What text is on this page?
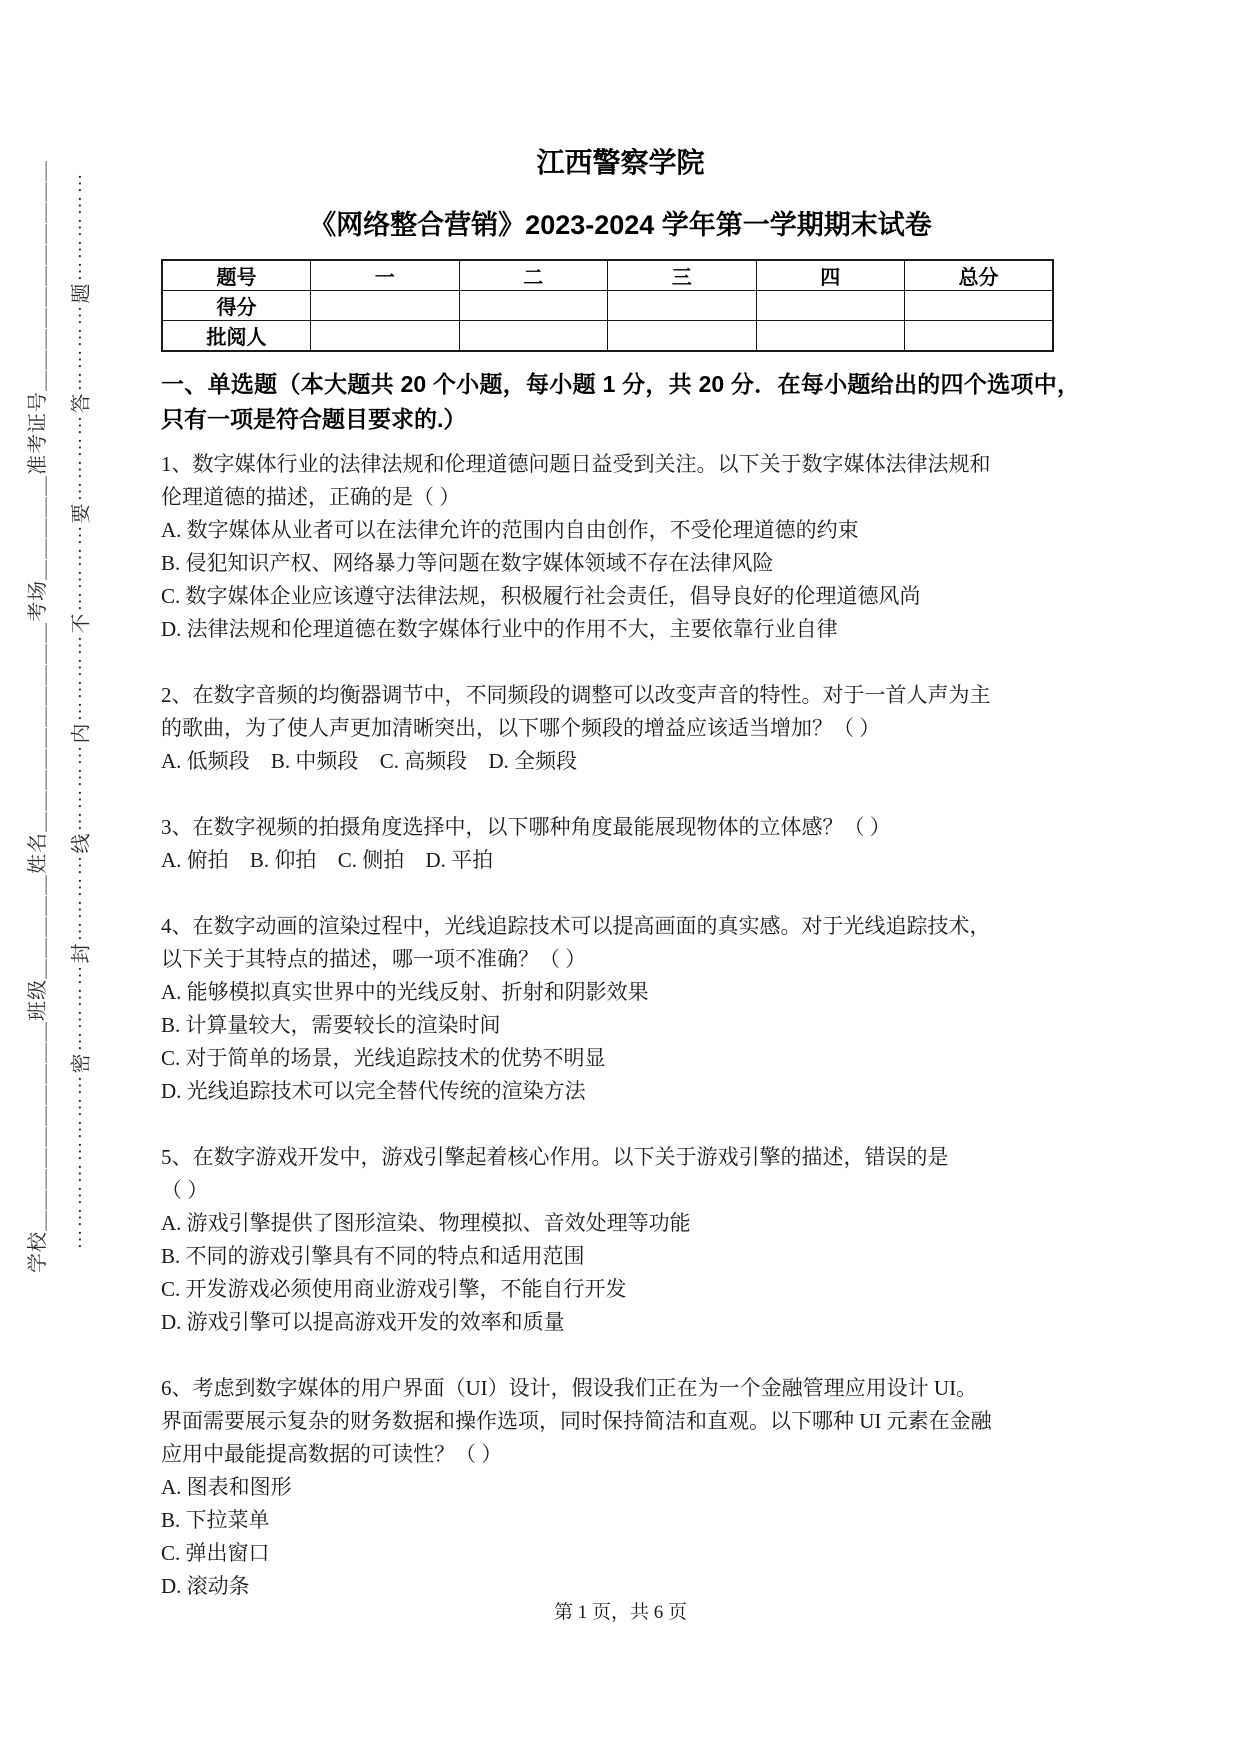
学校＿＿＿＿＿＿＿＿＿＿班级＿＿＿＿＿姓名＿＿＿＿＿＿＿＿＿＿考场＿＿＿＿＿准考证号＿＿＿＿＿＿＿＿＿＿＿ ⋯⋯⋯⋯⋯⋯⋯⋯密⋯⋯⋯⋯封⋯⋯⋯⋯线⋯⋯⋯⋯内⋯⋯⋯⋯不⋯⋯⋯⋯要⋯⋯⋯⋯答⋯⋯⋯⋯题⋯⋯⋯⋯⋯
江西警察学院
《网络整合营销》2023-2024 学年第一学期期末试卷
题号	一	二	三	四	总分
得分					
批阅人					

一、单选题（本大题共 20 个小题，每小题 1 分，共 20 分．在每小题给出的四个选项中，只有一项是符合题目要求的.）

1、数字媒体行业的法律法规和伦理道德问题日益受到关注。以下关于数字媒体法律法规和
伦理道德的描述，正确的是（ ）
A. 数字媒体从业者可以在法律允许的范围内自由创作，不受伦理道德的约束
B. 侵犯知识产权、网络暴力等问题在数字媒体领域不存在法律风险
C. 数字媒体企业应该遵守法律法规，积极履行社会责任，倡导良好的伦理道德风尚
D. 法律法规和伦理道德在数字媒体行业中的作用不大，主要依靠行业自律
2、在数字音频的均衡器调节中，不同频段的调整可以改变声音的特性。对于一首人声为主
的歌曲，为了使人声更加清晰突出，以下哪个频段的增益应该适当增加？（ ）
A. 低频段 B. 中频段 C. 高频段 D. 全频段
3、在数字视频的拍摄角度选择中，以下哪种角度最能展现物体的立体感？（ ）
A. 俯拍 B. 仰拍 C. 侧拍 D. 平拍
4、在数字动画的渲染过程中，光线追踪技术可以提高画面的真实感。对于光线追踪技术，
以下关于其特点的描述，哪一项不准确？（ ）
A. 能够模拟真实世界中的光线反射、折射和阴影效果
B. 计算量较大，需要较长的渲染时间
C. 对于简单的场景，光线追踪技术的优势不明显
D. 光线追踪技术可以完全替代传统的渲染方法
5、在数字游戏开发中，游戏引擎起着核心作用。以下关于游戏引擎的描述，错误的是
（ ）
A. 游戏引擎提供了图形渲染、物理模拟、音效处理等功能
B. 不同的游戏引擎具有不同的特点和适用范围
C. 开发游戏必须使用商业游戏引擎，不能自行开发
D. 游戏引擎可以提高游戏开发的效率和质量
6、考虑到数字媒体的用户界面（UI）设计，假设我们正在为一个金融管理应用设计 UI。
界面需要展示复杂的财务数据和操作选项，同时保持简洁和直观。以下哪种 UI 元素在金融
应用中最能提高数据的可读性？（ ）
A. 图表和图形
B. 下拉菜单
C. 弹出窗口
D. 滚动条
第 1 页，共 6 页
